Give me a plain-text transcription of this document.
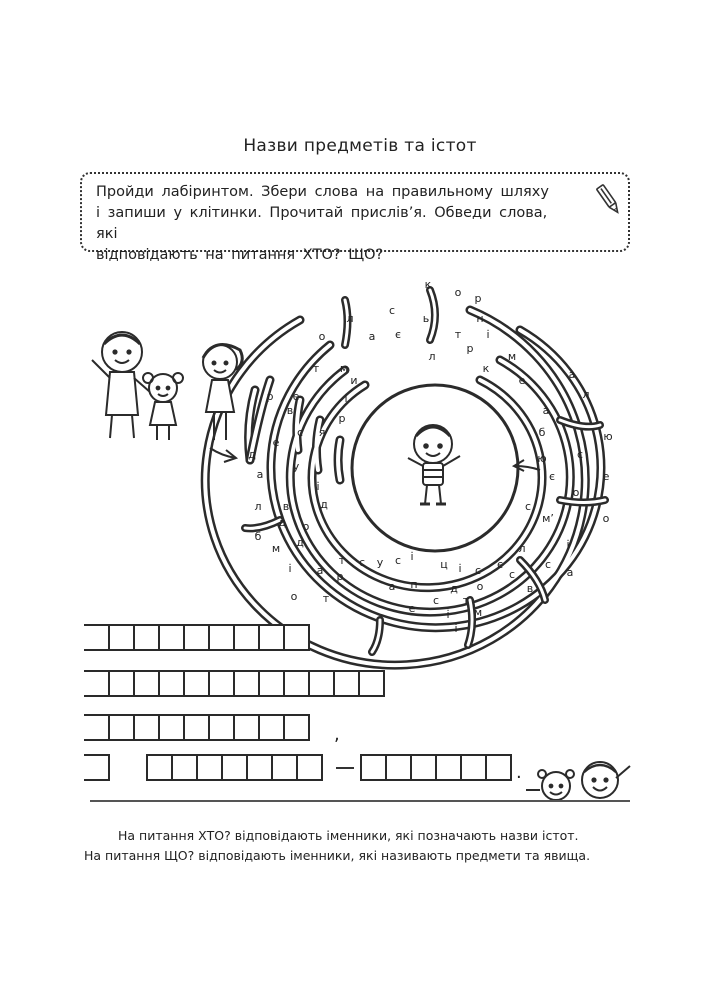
Назви предметів та істот
Пройди лабіринтом. Збери слова на правильному шляху
і запиши у клітинки. Прочитай прислів’я. Обведи слова, які
відповідають на питання ХТО? ЩО?
к
о р
с
ь
л	н
і
а є	т
о
л
р
м
т м	к
и	е	а
р е	і	л
а
в
р
ю
с я	б
е
д	с
ю
у
а	є	е
і	о
л в	д	с
д	м’
о
о
б	д	л	і
м
і
с
у
с
т	ц і с є	с
і а р	с	а
а п	д о	в
т	с т
о
е	і м
і
,
.
На питання ХТО? відповідають іменники, які позначають назви істот.
На питання ЩО? відповідають іменники, які називають предмети та явища.
